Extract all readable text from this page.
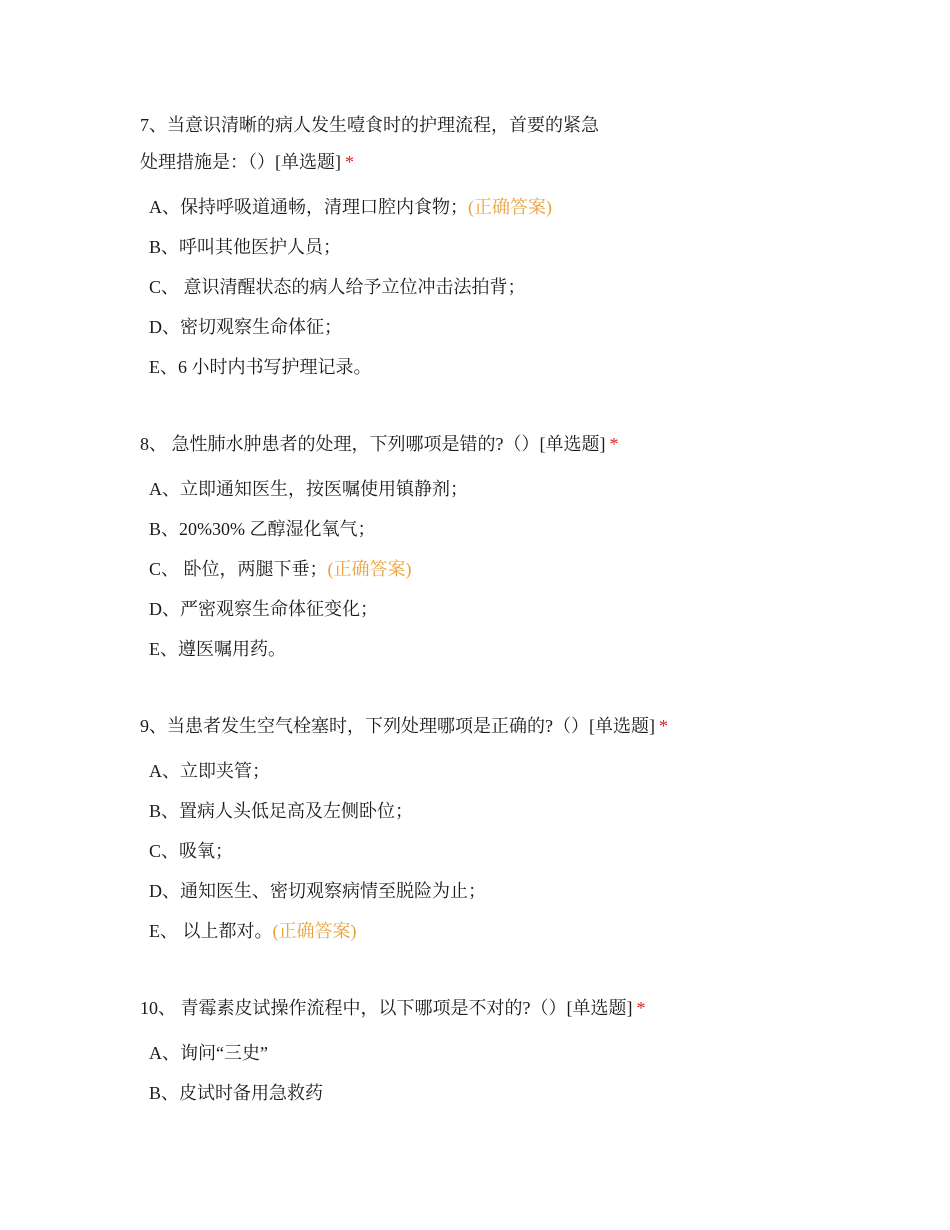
7、当意识清晰的病人发生噎食时的护理流程，首要的紧急
处理措施是：（）[单选题] *
A、保持呼吸道通畅，清理口腔内食物；(正确答案)
B、呼叫其他医护人员；
C、 意识清醒状态的病人给予立位冲击法拍背；
D、密切观察生命体征；
E、6 小时内书写护理记录。
8、 急性肺水肿患者的处理，下列哪项是错的?（）[单选题] *
A、立即通知医生，按医嘱使用镇静剂；
B、20%30% 乙醇湿化氧气；
C、 卧位，两腿下垂；(正确答案)
D、严密观察生命体征变化；
E、遵医嘱用药。
9、当患者发生空气栓塞时，下列处理哪项是正确的?（）[单选题] *
A、立即夹管；
B、置病人头低足高及左侧卧位；
C、吸氧；
D、通知医生、密切观察病情至脱险为止；
E、 以上都对。(正确答案)
10、 青霉素皮试操作流程中，以下哪项是不对的?（）[单选题] *
A、询问“三史”
B、皮试时备用急救药
